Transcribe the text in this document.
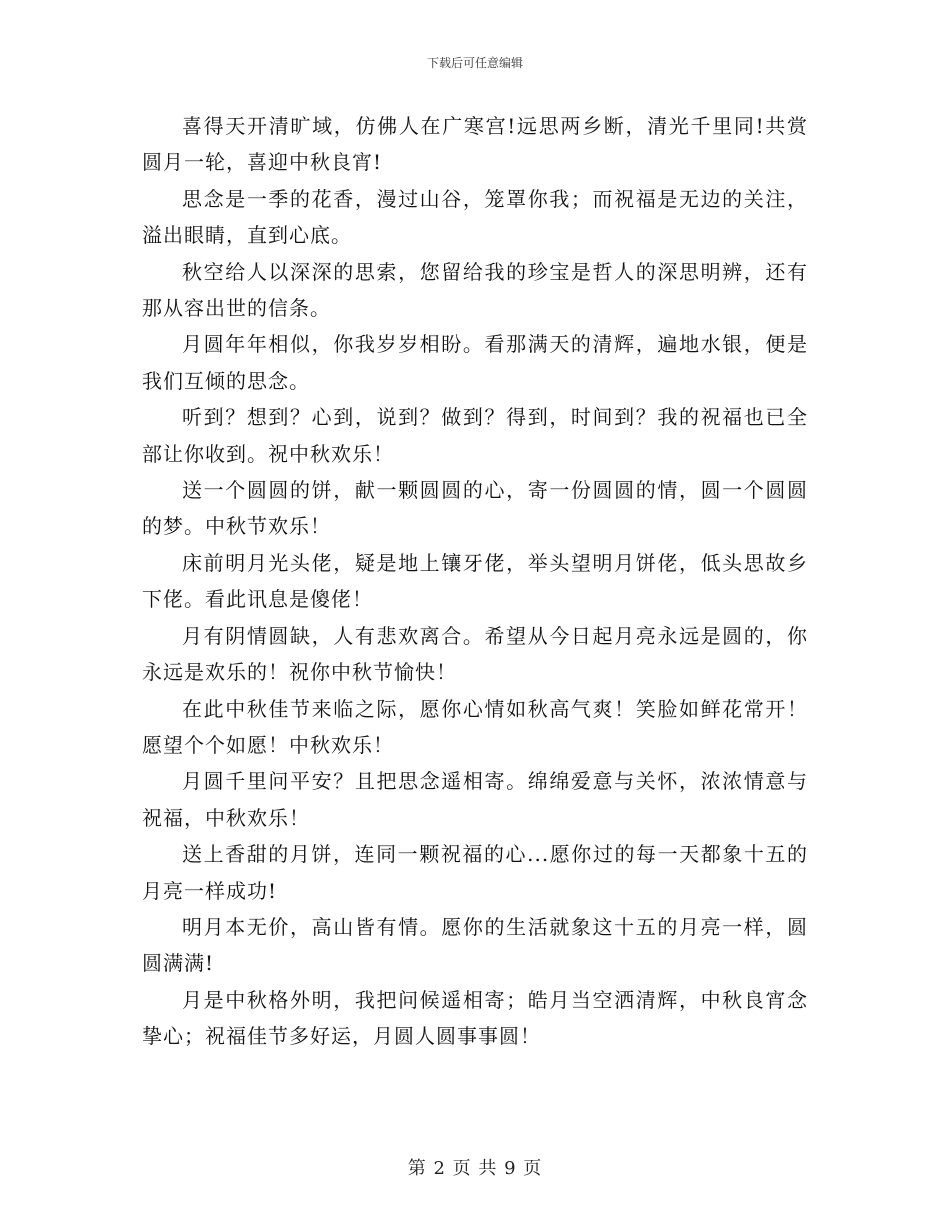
下载后可任意编辑

喜得天开清旷域，仿佛人在广寒宫!远思两乡断，清光千里同!共赏圆月一轮，喜迎中秋良宵!

思念是一季的花香，漫过山谷，笼罩你我；而祝福是无边的关注，溢出眼睛，直到心底。

秋空给人以深深的思索，您留给我的珍宝是哲人的深思明辨，还有那从容出世的信条。

月圆年年相似，你我岁岁相盼。看那满天的清辉，遍地水银，便是我们互倾的思念。

听到？想到？心到，说到？做到？得到，时间到？我的祝福也已全部让你收到。祝中秋欢乐！

送一个圆圆的饼，献一颗圆圆的心，寄一份圆圆的情，圆一个圆圆的梦。中秋节欢乐！

床前明月光头佬，疑是地上镶牙佬，举头望明月饼佬，低头思故乡下佬。看此讯息是傻佬！

月有阴情圆缺，人有悲欢离合。希望从今日起月亮永远是圆的，你永远是欢乐的！祝你中秋节愉快！

在此中秋佳节来临之际，愿你心情如秋高气爽！笑脸如鲜花常开！愿望个个如愿！中秋欢乐！

月圆千里问平安？且把思念遥相寄。绵绵爱意与关怀，浓浓情意与祝福，中秋欢乐！

送上香甜的月饼，连同一颗祝福的心...愿你过的每一天都象十五的月亮一样成功!

明月本无价，高山皆有情。愿你的生活就象这十五的月亮一样，圆圆满满!

月是中秋格外明，我把问候遥相寄；皓月当空洒清辉，中秋良宵念挚心；祝福佳节多好运，月圆人圆事事圆！

第 2 页 共 9 页
